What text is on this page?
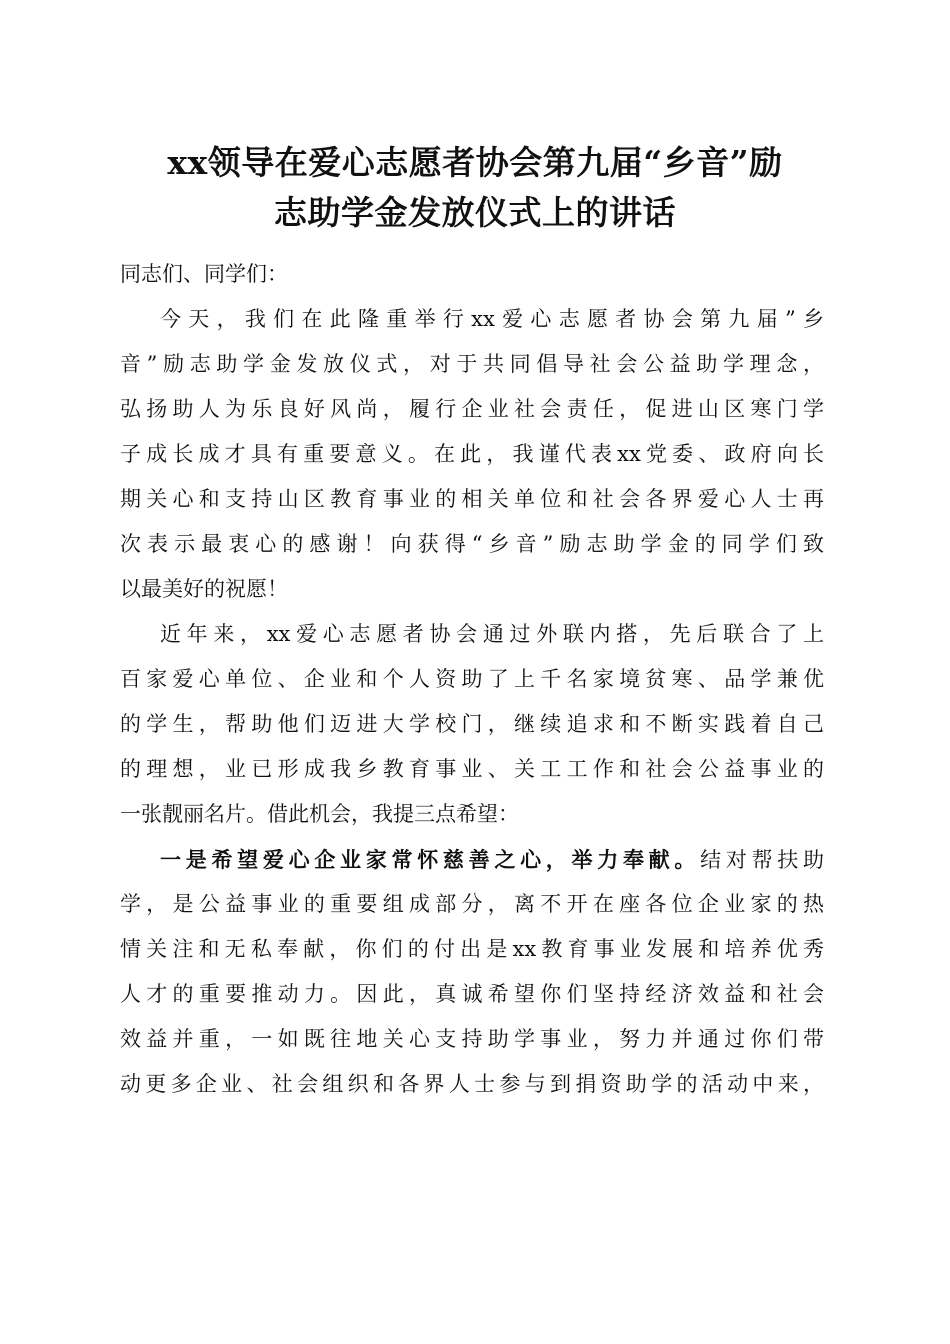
xx领导在爱心志愿者协会第九届“乡音”励
志助学金发放仪式上的讲话
同志们、同学们：
今天，我们在此隆重举行xx爱心志愿者协会第九届”乡
音”励志助学金发放仪式，对于共同倡导社会公益助学理念，
弘扬助人为乐良好风尚，履行企业社会责任，促进山区寒门学
子成长成才具有重要意义。在此，我谨代表xx党委、政府向长
期关心和支持山区教育事业的相关单位和社会各界爱心人士再
次表示最衷心的感谢！向获得“乡音”励志助学金的同学们致
以最美好的祝愿！
近年来，xx爱心志愿者协会通过外联内搭，先后联合了上
百家爱心单位、企业和个人资助了上千名家境贫寒、品学兼优
的学生，帮助他们迈进大学校门，继续追求和不断实践着自己
的理想，业已形成我乡教育事业、关工工作和社会公益事业的
一张靓丽名片。借此机会，我提三点希望：
一是希望爱心企业家常怀慈善之心，举力奉献。结对帮扶助
学，是公益事业的重要组成部分，离不开在座各位企业家的热
情关注和无私奉献，你们的付出是xx教育事业发展和培养优秀
人才的重要推动力。因此，真诚希望你们坚持经济效益和社会
效益并重，一如既往地关心支持助学事业，努力并通过你们带
动更多企业、社会组织和各界人士参与到捐资助学的活动中来，
